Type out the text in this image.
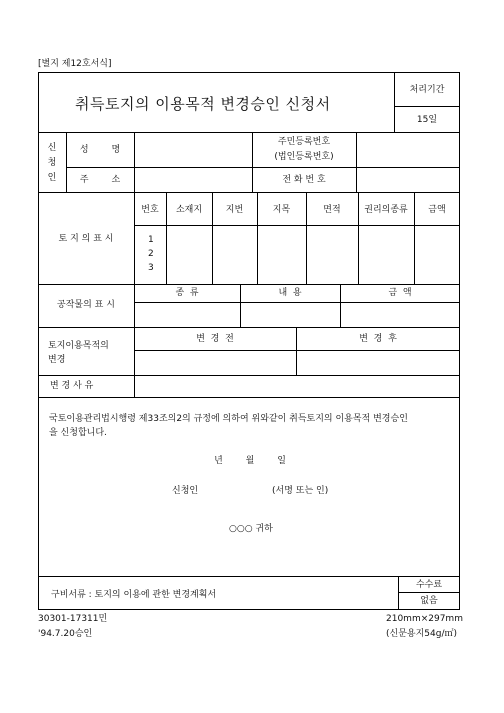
[별지 제12호서식]
취득토지의 이용목적 변경승인 신청서
처리기간
15일
신
청
인
성        명
주민등록번호
(법인등록번호)
주        소	전 화 번 호
토 지 의 표 시
번호	소재지	지번	지목	면적	권리의종류	금액
1
2
3
공작물의 표 시
종  류	내  용	금  액
토지이용목적의
변경
변  경  전	변  경  후
변 경 사 유
국토이용관리법시행령 제33조의2의 규정에 의하여 위와같이 취득토지의 이용목적 변경승인
을 신청합니다.
년        월        일
신청인	(서명 또는 인)
○○○ 귀하
구비서류 : 토지의 이용에 관한 변경계획서
수수료
없음
30301-17311민
'94.7.20승인
210mm×297mm
(신문용지54g/㎡)
